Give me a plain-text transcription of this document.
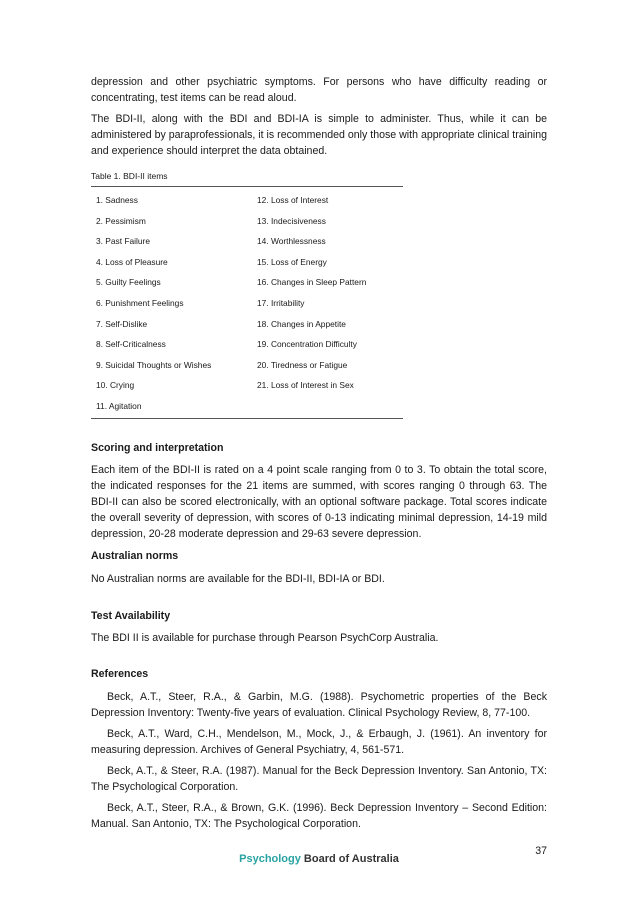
depression and other psychiatric symptoms. For persons who have difficulty reading or concentrating, test items can be read aloud.

The BDI-II, along with the BDI and BDI-IA is simple to administer. Thus, while it can be administered by paraprofessionals, it is recommended only those with appropriate clinical training and experience should interpret the data obtained.

Table 1. BDI-II items

1. Sadness	12. Loss of Interest
2. Pessimism	13. Indecisiveness
3. Past Failure	14. Worthlessness
4. Loss of Pleasure	15. Loss of Energy
5. Guilty Feelings	16. Changes in Sleep Pattern
6. Punishment Feelings	17. Irritability
7. Self-Dislike	18. Changes in Appetite
8. Self-Criticalness	19. Concentration Difficulty
9. Suicidal Thoughts or Wishes	20. Tiredness or Fatigue
10. Crying	21. Loss of Interest in Sex
11. Agitation
Scoring and interpretation

Each item of the BDI-II is rated on a 4 point scale ranging from 0 to 3. To obtain the total score, the indicated responses for the 21 items are summed, with scores ranging 0 through 63. The BDI-II can also be scored electronically, with an optional software package. Total scores indicate the overall severity of depression, with scores of 0-13 indicating minimal depression, 14-19 mild depression, 20-28 moderate depression and 29-63 severe depression.

Australian norms

No Australian norms are available for the BDI-II, BDI-IA or BDI.

Test Availability

The BDI II is available for purchase through Pearson PsychCorp Australia.

References

Beck, A.T., Steer, R.A., & Garbin, M.G. (1988). Psychometric properties of the Beck Depression Inventory: Twenty-five years of evaluation. Clinical Psychology Review, 8, 77-100.

Beck, A.T., Ward, C.H., Mendelson, M., Mock, J., & Erbaugh, J. (1961). An inventory for measuring depression. Archives of General Psychiatry, 4, 561-571.

Beck, A.T., & Steer, R.A. (1987). Manual for the Beck Depression Inventory. San Antonio, TX: The Psychological Corporation.

Beck, A.T., Steer, R.A., & Brown, G.K. (1996). Beck Depression Inventory – Second Edition: Manual. San Antonio, TX: The Psychological Corporation.

37

Psychology Board of Australia
